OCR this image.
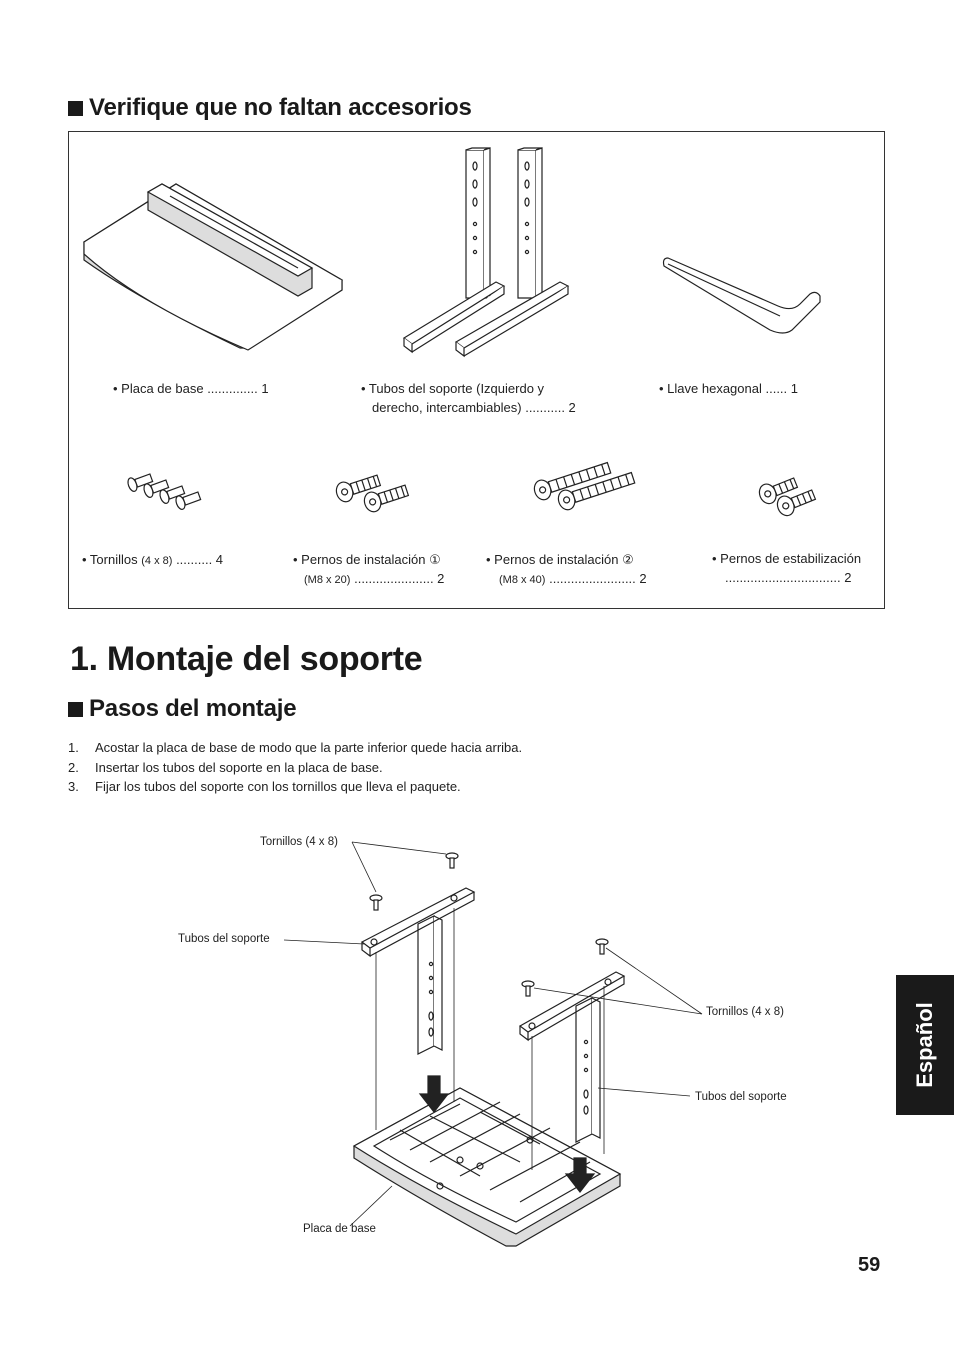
Verifique que no faltan accesorios
• Placa de base .............. 1	• Tubos del soporte (Izquierdo y
derecho, intercambiables) ........... 2
• Llave hexagonal ...... 1
• Tornillos (4 x 8) .......... 4	• Pernos de instalación ①
(M8 x 20) ...................... 2
• Pernos de instalación ②
(M8 x 40) ........................ 2
• Pernos de estabilización
................................ 2
1. Montaje del soporte
Pasos del montaje
1.	Acostar la placa de base de modo que la parte inferior quede hacia arriba.
2.	Insertar los tubos del soporte en la placa de base.
3.	Fijar los tubos del soporte con los tornillos que lleva el paquete.
Tornillos (4 x 8)
Tubos del soporte
Tornillos (4 x 8)
Tubos del soporte
Placa de base
Español
59
